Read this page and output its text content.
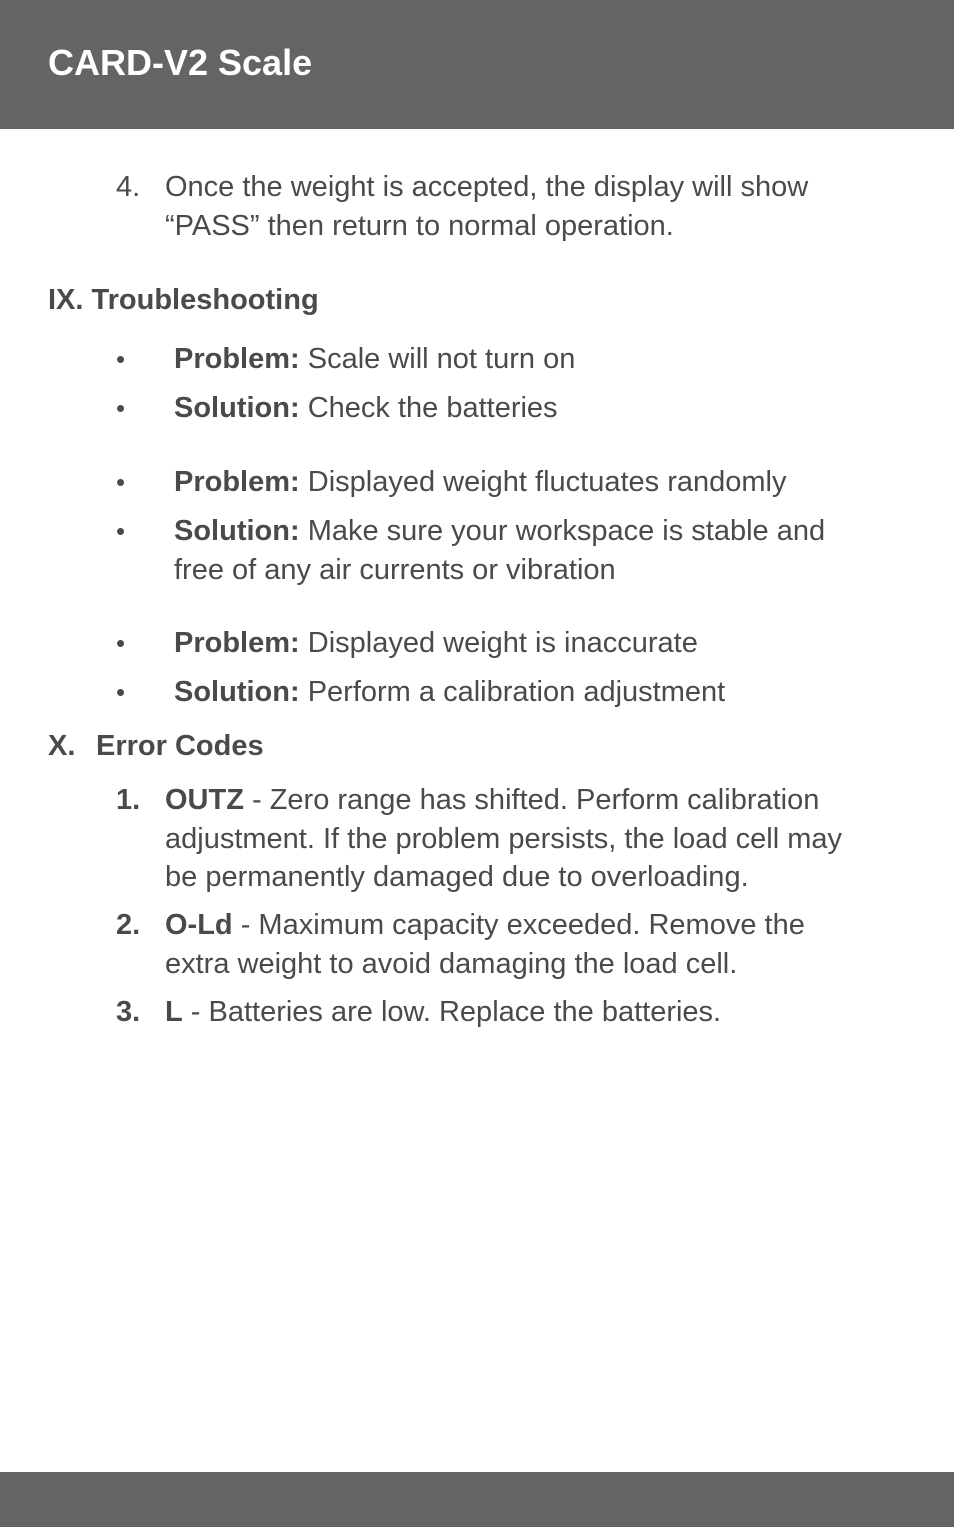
CARD-V2 Scale
4. Once the weight is accepted, the display will show
“PASS” then return to normal operation.
IX. Troubleshooting
• Problem: Scale will not turn on
• Solution: Check the batteries
• Problem: Displayed weight fluctuates randomly
• Solution: Make sure your workspace is stable and
free of any air currents or vibration
• Problem: Displayed weight is inaccurate
• Solution: Perform a calibration adjustment
X. Error Codes
1. OUTZ - Zero range has shifted. Perform calibration
adjustment. If the problem persists, the load cell may
be permanently damaged due to overloading.
2. O-Ld - Maximum capacity exceeded. Remove the
extra weight to avoid damaging the load cell.
3. L - Batteries are low. Replace the batteries.
